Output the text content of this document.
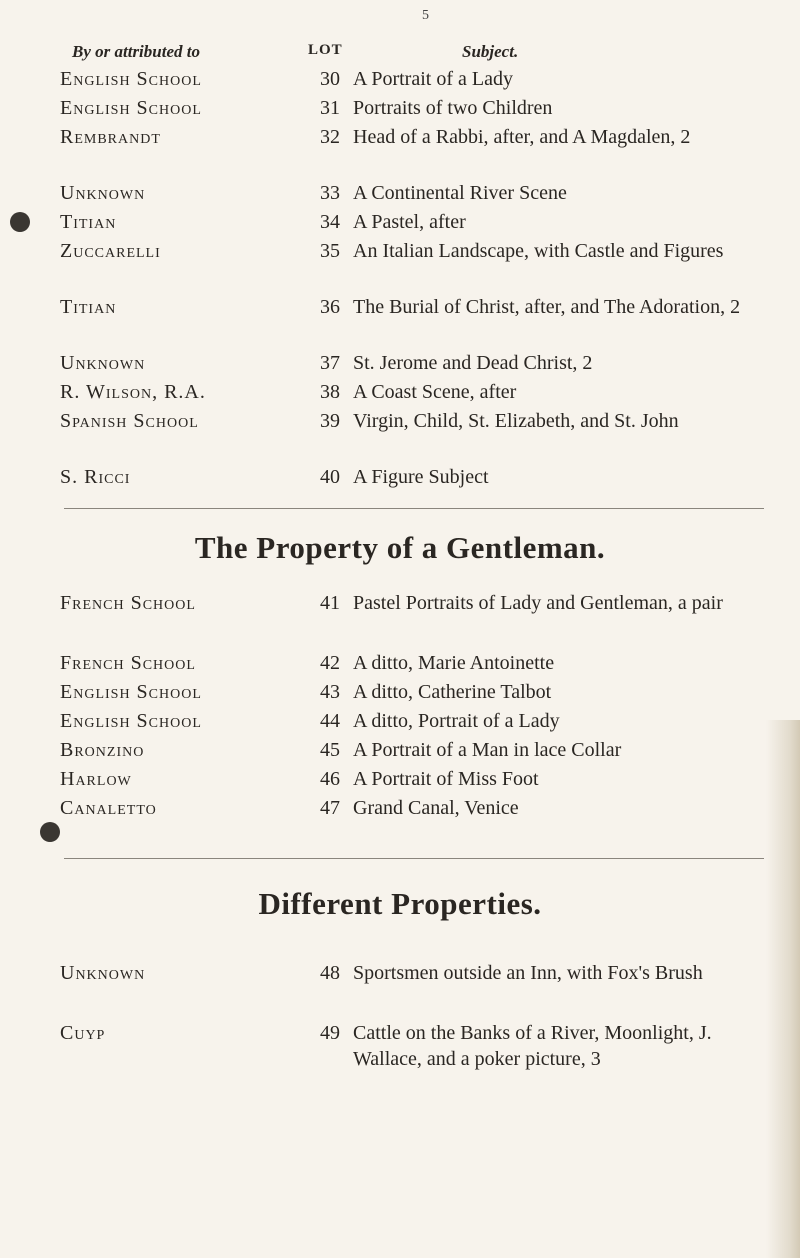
5
By or attributed to	LOT	Subject.
English School	30 A Portrait of a Lady
English School	31 Portraits of two Children
Rembrandt	32 Head of a Rabbi, after, and A Magdalen, 2
Unknown	33 A Continental River Scene
Titian	34 A Pastel, after
Zuccarelli	35 An Italian Landscape, with Castle and Figures
Titian	36 The Burial of Christ, after, and The Adoration, 2
Unknown	37 St. Jerome and Dead Christ, 2
R. Wilson, R.A.	38 A Coast Scene, after
Spanish School	39 Virgin, Child, St. Elizabeth, and St. John
S. Ricci	40 A Figure Subject
The Property of a Gentleman.
French School	41 Pastel Portraits of Lady and Gentleman, a pair
French School	42 A ditto, Marie Antoinette
English School	43 A ditto, Catherine Talbot
English School	44 A ditto, Portrait of a Lady
Bronzino	45 A Portrait of a Man in lace Collar
Harlow	46 A Portrait of Miss Foot
Canaletto	47 Grand Canal, Venice
Different Properties.
Unknown	48 Sportsmen outside an Inn, with Fox's Brush
Cuyp	49 Cattle on the Banks of a River, Moonlight, J. Wallace, and a poker picture, 3
